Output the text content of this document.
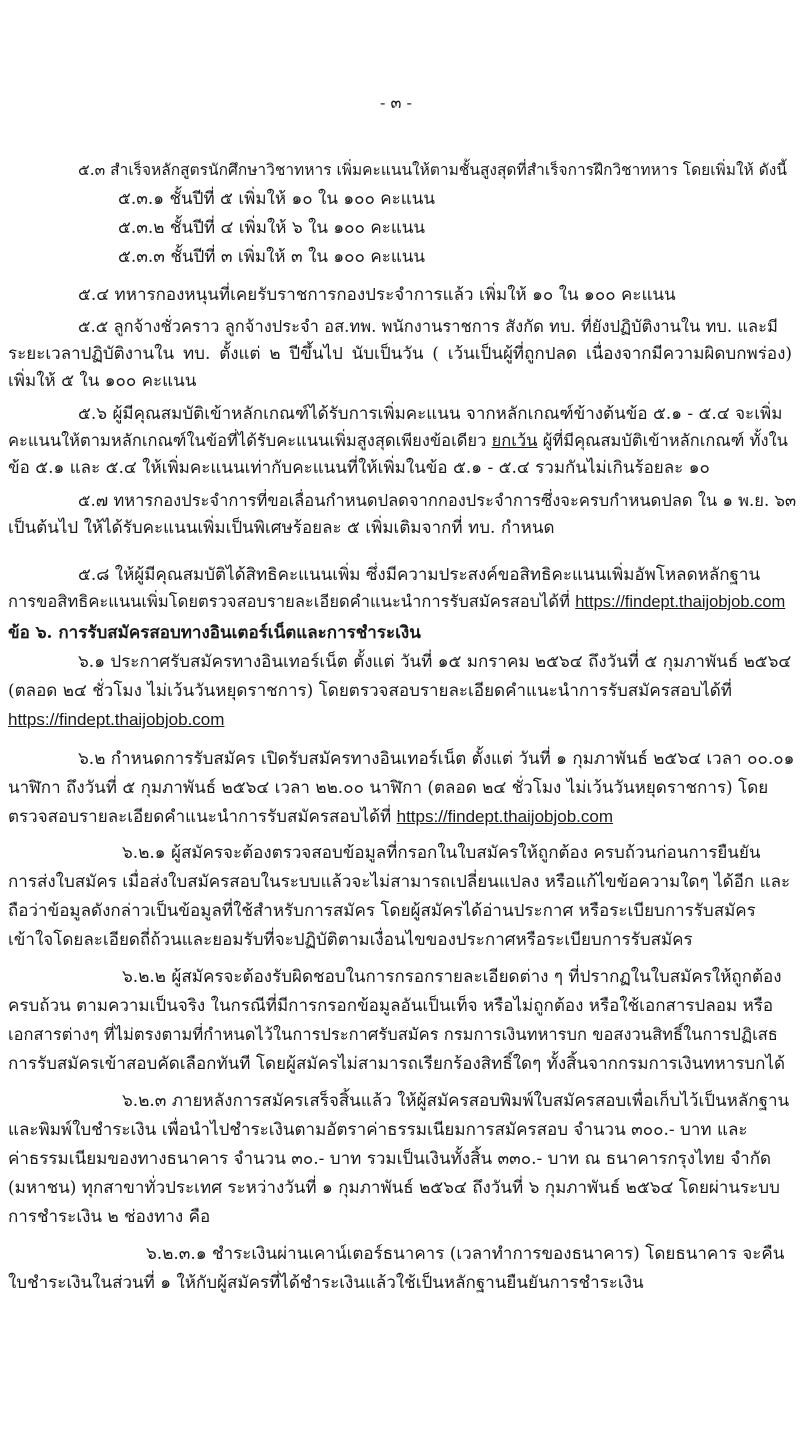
- ๓ -
๕.๓ สำเร็จหลักสูตรนักศึกษาวิชาทหาร เพิ่มคะแนนให้ตามชั้นสูงสุดที่สำเร็จการฝึกวิชาทหาร โดยเพิ่มให้ ดังนี้
๕.๓.๑ ชั้นปีที่ ๕ เพิ่มให้ ๑๐ ใน ๑๐๐ คะแนน
๕.๓.๒ ชั้นปีที่ ๔ เพิ่มให้ ๖ ใน ๑๐๐ คะแนน
๕.๓.๓ ชั้นปีที่ ๓ เพิ่มให้ ๓ ใน ๑๐๐ คะแนน
๕.๔ ทหารกองหนุนที่เคยรับราชการกองประจำการแล้ว เพิ่มให้ ๑๐ ใน ๑๐๐ คะแนน
๕.๕ ลูกจ้างชั่วคราว ลูกจ้างประจำ อส.ทพ. พนักงานราชการ สังกัด ทบ. ที่ยังปฏิบัติงานใน ทบ. และมี
ระยะเวลาปฏิบัติงานใน ทบ. ตั้งแต่ ๒ ปีขึ้นไป นับเป็นวัน ( เว้นเป็นผู้ที่ถูกปลด เนื่องจากมีความผิดบกพร่อง)
เพิ่มให้ ๕ ใน ๑๐๐ คะแนน
๕.๖ ผู้มีคุณสมบัติเข้าหลักเกณฑ์ได้รับการเพิ่มคะแนน จากหลักเกณฑ์ข้างต้นข้อ ๕.๑ - ๕.๔ จะเพิ่ม
คะแนนให้ตามหลักเกณฑ์ในข้อที่ได้รับคะแนนเพิ่มสูงสุดเพียงข้อเดียว ยกเว้น ผู้ที่มีคุณสมบัติเข้าหลักเกณฑ์ ทั้งใน
ข้อ ๕.๑ และ ๕.๔ ให้เพิ่มคะแนนเท่ากับคะแนนที่ให้เพิ่มในข้อ ๕.๑ - ๕.๔ รวมกันไม่เกินร้อยละ ๑๐
๕.๗ ทหารกองประจำการที่ขอเลื่อนกำหนดปลดจากกองประจำการซึ่งจะครบกำหนดปลด ใน ๑ พ.ย. ๖๓
เป็นต้นไป ให้ได้รับคะแนนเพิ่มเป็นพิเศษร้อยละ ๕ เพิ่มเติมจากที่ ทบ. กำหนด
๕.๘ ให้ผู้มีคุณสมบัติได้สิทธิคะแนนเพิ่ม ซึ่งมีความประสงค์ขอสิทธิคะแนนเพิ่มอัพโหลดหลักฐาน
การขอสิทธิคะแนนเพิ่มโดยตรวจสอบรายละเอียดคำแนะนำการรับสมัครสอบได้ที่ https://findept.thaijobjob.com
ข้อ ๖. การรับสมัครสอบทางอินเตอร์เน็ตและการชำระเงิน
๖.๑ ประกาศรับสมัครทางอินเทอร์เน็ต ตั้งแต่ วันที่ ๑๕ มกราคม ๒๕๖๔ ถึงวันที่ ๕ กุมภาพันธ์ ๒๕๖๔
(ตลอด ๒๔ ชั่วโมง ไม่เว้นวันหยุดราชการ) โดยตรวจสอบรายละเอียดคำแนะนำการรับสมัครสอบได้ที่
https://findept.thaijobjob.com
๖.๒ กำหนดการรับสมัคร เปิดรับสมัครทางอินเทอร์เน็ต ตั้งแต่ วันที่ ๑ กุมภาพันธ์ ๒๕๖๔ เวลา ๐๐.๐๑
นาฬิกา ถึงวันที่ ๕ กุมภาพันธ์ ๒๕๖๔ เวลา ๒๒.๐๐ นาฬิกา (ตลอด ๒๔ ชั่วโมง ไม่เว้นวันหยุดราชการ) โดย
ตรวจสอบรายละเอียดคำแนะนำการรับสมัครสอบได้ที่ https://findept.thaijobjob.com
๖.๒.๑ ผู้สมัครจะต้องตรวจสอบข้อมูลที่กรอกในใบสมัครให้ถูกต้อง ครบถ้วนก่อนการยืนยัน
การส่งใบสมัคร เมื่อส่งใบสมัครสอบในระบบแล้วจะไม่สามารถเปลี่ยนแปลง หรือแก้ไขข้อความใดๆ ได้อีก และ
ถือว่าข้อมูลดังกล่าวเป็นข้อมูลที่ใช้สำหรับการสมัคร โดยผู้สมัครได้อ่านประกาศ หรือระเบียบการรับสมัคร
เข้าใจโดยละเอียดถี่ถ้วนและยอมรับที่จะปฏิบัติตามเงื่อนไขของประกาศหรือระเบียบการรับสมัคร
๖.๒.๒ ผู้สมัครจะต้องรับผิดชอบในการกรอกรายละเอียดต่าง ๆ ที่ปรากฏในใบสมัครให้ถูกต้อง
ครบถ้วน ตามความเป็นจริง ในกรณีที่มีการกรอกข้อมูลอันเป็นเท็จ หรือไม่ถูกต้อง หรือใช้เอกสารปลอม หรือ
เอกสารต่างๆ ที่ไม่ตรงตามที่กำหนดไว้ในการประกาศรับสมัคร กรมการเงินทหารบก ขอสงวนสิทธิ์ในการปฏิเสธ
การรับสมัครเข้าสอบคัดเลือกทันที โดยผู้สมัครไม่สามารถเรียกร้องสิทธิ์ใดๆ ทั้งสิ้นจากกรมการเงินทหารบกได้
๖.๒.๓ ภายหลังการสมัครเสร็จสิ้นแล้ว ให้ผู้สมัครสอบพิมพ์ใบสมัครสอบเพื่อเก็บไว้เป็นหลักฐาน
และพิมพ์ใบชำระเงิน เพื่อนำไปชำระเงินตามอัตราค่าธรรมเนียมการสมัครสอบ จำนวน ๓๐๐.- บาท และ
ค่าธรรมเนียมของทางธนาคาร จำนวน ๓๐.- บาท รวมเป็นเงินทั้งสิ้น ๓๓๐.- บาท ณ ธนาคารกรุงไทย จำกัด
(มหาชน) ทุกสาขาทั่วประเทศ ระหว่างวันที่ ๑ กุมภาพันธ์ ๒๕๖๔ ถึงวันที่ ๖ กุมภาพันธ์ ๒๕๖๔ โดยผ่านระบบ
การชำระเงิน ๒ ช่องทาง คือ
๖.๒.๓.๑ ชำระเงินผ่านเคาน์เตอร์ธนาคาร (เวลาทำการของธนาคาร) โดยธนาคาร จะคืน
ใบชำระเงินในส่วนที่ ๑ ให้กับผู้สมัครที่ได้ชำระเงินแล้วใช้เป็นหลักฐานยืนยันการชำระเงิน
